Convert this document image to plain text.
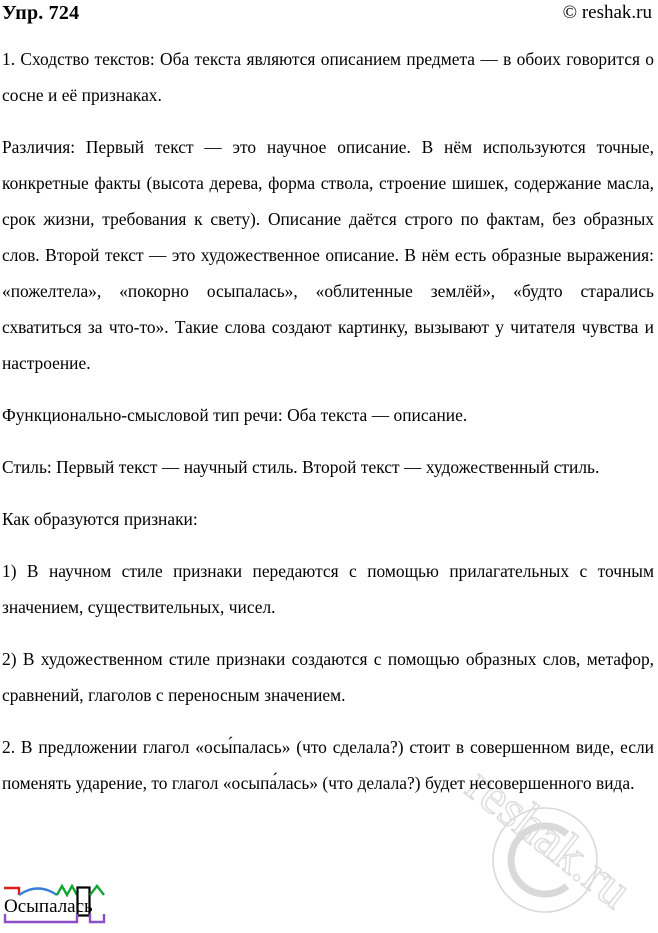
Упр. 724	© reshak.ru

1. Сходство текстов: Оба текста являются описанием предмета — в обоих говорится о сосне и её признаках.

Различия: Первый текст — это научное описание. В нём используются точные, конкретные факты (высота дерева, форма ствола, строение шишек, содержание масла, срок жизни, требования к свету). Описание даётся строго по фактам, без образных слов. Второй текст — это художественное описание. В нём есть образные выражения: «пожелтела», «покорно осыпалась», «облитенные землёй», «будто старались схватиться за что-то». Такие слова создают картинку, вызывают у читателя чувства и настроение.

Функционально-смысловой тип речи: Оба текста — описание.

Стиль: Первый текст — научный стиль. Второй текст — художественный стиль.

Как образуются признаки:

1) В научном стиле признаки передаются с помощью прилагательных с точным значением, существительных, чисел.

2) В художественном стиле признаки создаются с помощью образных слов, метафор, сравнений, глаголов с переносным значением.

2. В предложении глагол «осы́палась» (что сделала?) стоит в совершенном виде, если поменять ударение, то глагол «осыпа́лась» (что делала?) будет несовершенного вида.

reshak.ru
Осыпалась
